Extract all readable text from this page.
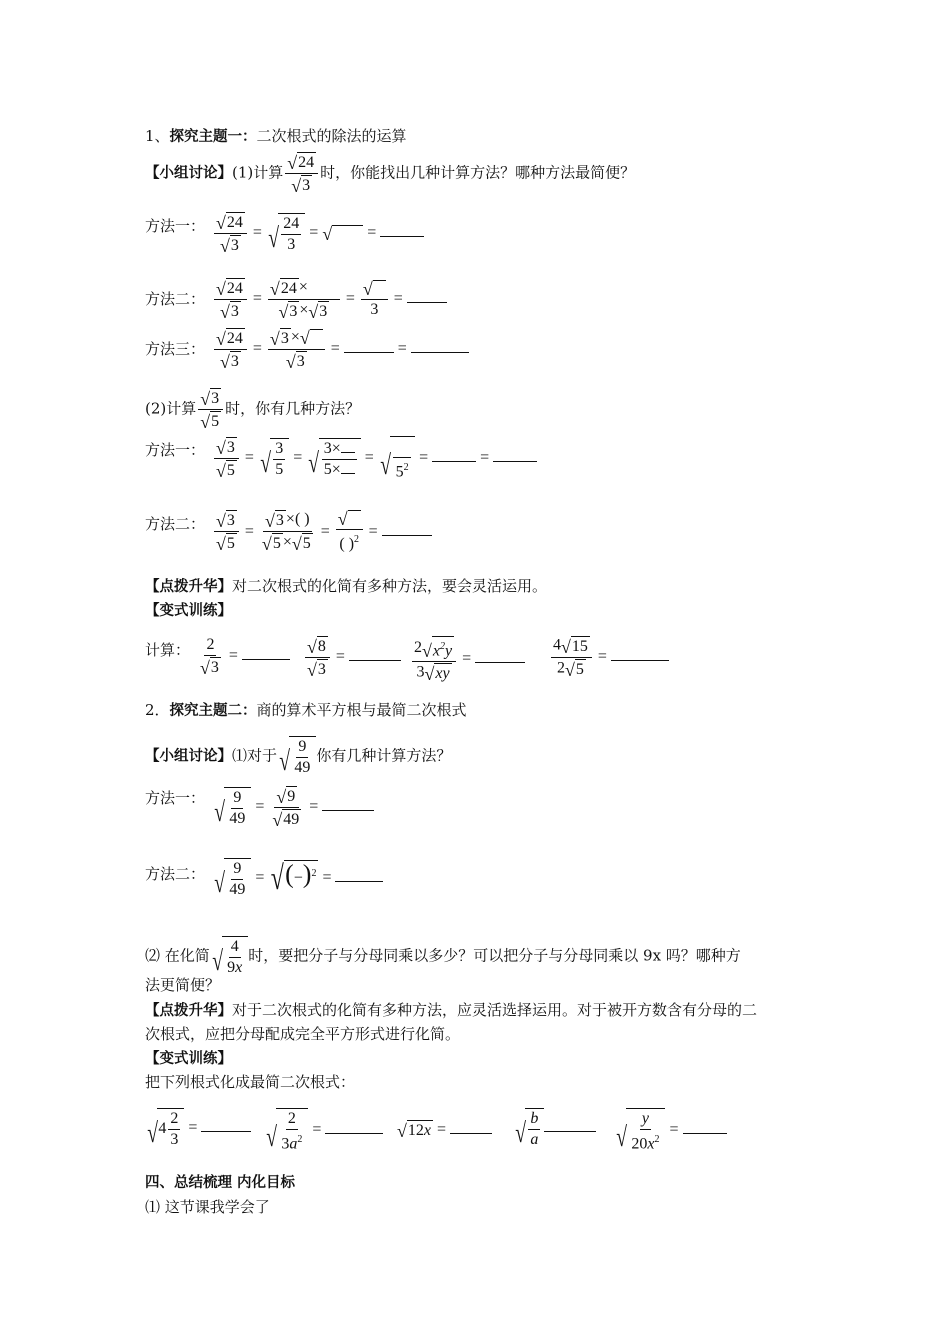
1、探究主题一：二次根式的除法的运算
【小组讨论】(1)计算 $\frac{√ 24}{√ 3}$ 时，你能找出几种计算方法？哪种方法最简便？
方法一： $\frac{√ 24}{√ 3}$ = √ $\frac{24}{3}$ = √ =
方法二： $\frac{√ 24}{√ 3} = \frac{√ 24 \times}{√ 3 \times √ 3}$ = √
3
=
方法三： $\frac{√ 24}{√ 3} = \frac{√ 3 \times √}{√ 3}$ =	=
(2)计算 $\frac{√ 3}{√ 5}$ 时，你有几种方法？
方法一： $\frac{√ 3}{√ 5}$ = √ $\frac{3}{5}$ = √ $\frac{3\times}{5\times}$ = √
$5^2$
=	=
方法二： $\frac{√ 3}{√ 5} = \frac{√ 3 \times( )}{√ 5 \times √ 5}$ =
√
( )$^2$
=
【点拨升华】对二次根式的化简有多种方法，要会灵活运用。
【变式训练】
计算： $\frac{2}{√ 3}$ =	$\frac{√ 8}{√ 3}$ =	$\frac{2 √ x^2y}{3 √ xy}$ =	$\frac{4 √ 15}{2 √ 5}$ =
2．探究主题二：商的算术平方根与最简二次根式
【小组讨论】⑴对于 √ $\frac{9}{49}$ 你有几种计算方法？
方法一： √ $\frac{9}{49} = \frac{√ 9}{√ 49}$ =
方法二： √ $\frac{9}{49}$ = √ $(-)^2$ =
⑵ 在化简 √ $\frac{4}{9x}$ 时，要把分子与分母同乘以多少？可以把分子与分母同乘以 9x 吗？哪种方
法更简便？
【点拨升华】对于二次根式的化简有多种方法，应灵活选择运用。对于被开方数含有分母的二
次根式，应把分母配成完全平方形式进行化简。
【变式训练】
把下列根式化成最简二次根式：
√ $4 \frac{2}{3}$ =	√ $\frac{2}{3a^2}$ =	√ 12x =	√ $\frac{b}{a}$	√ $\frac{y}{20x^2}$ =
四、总结梳理 内化目标
⑴ 这节课我学会了
